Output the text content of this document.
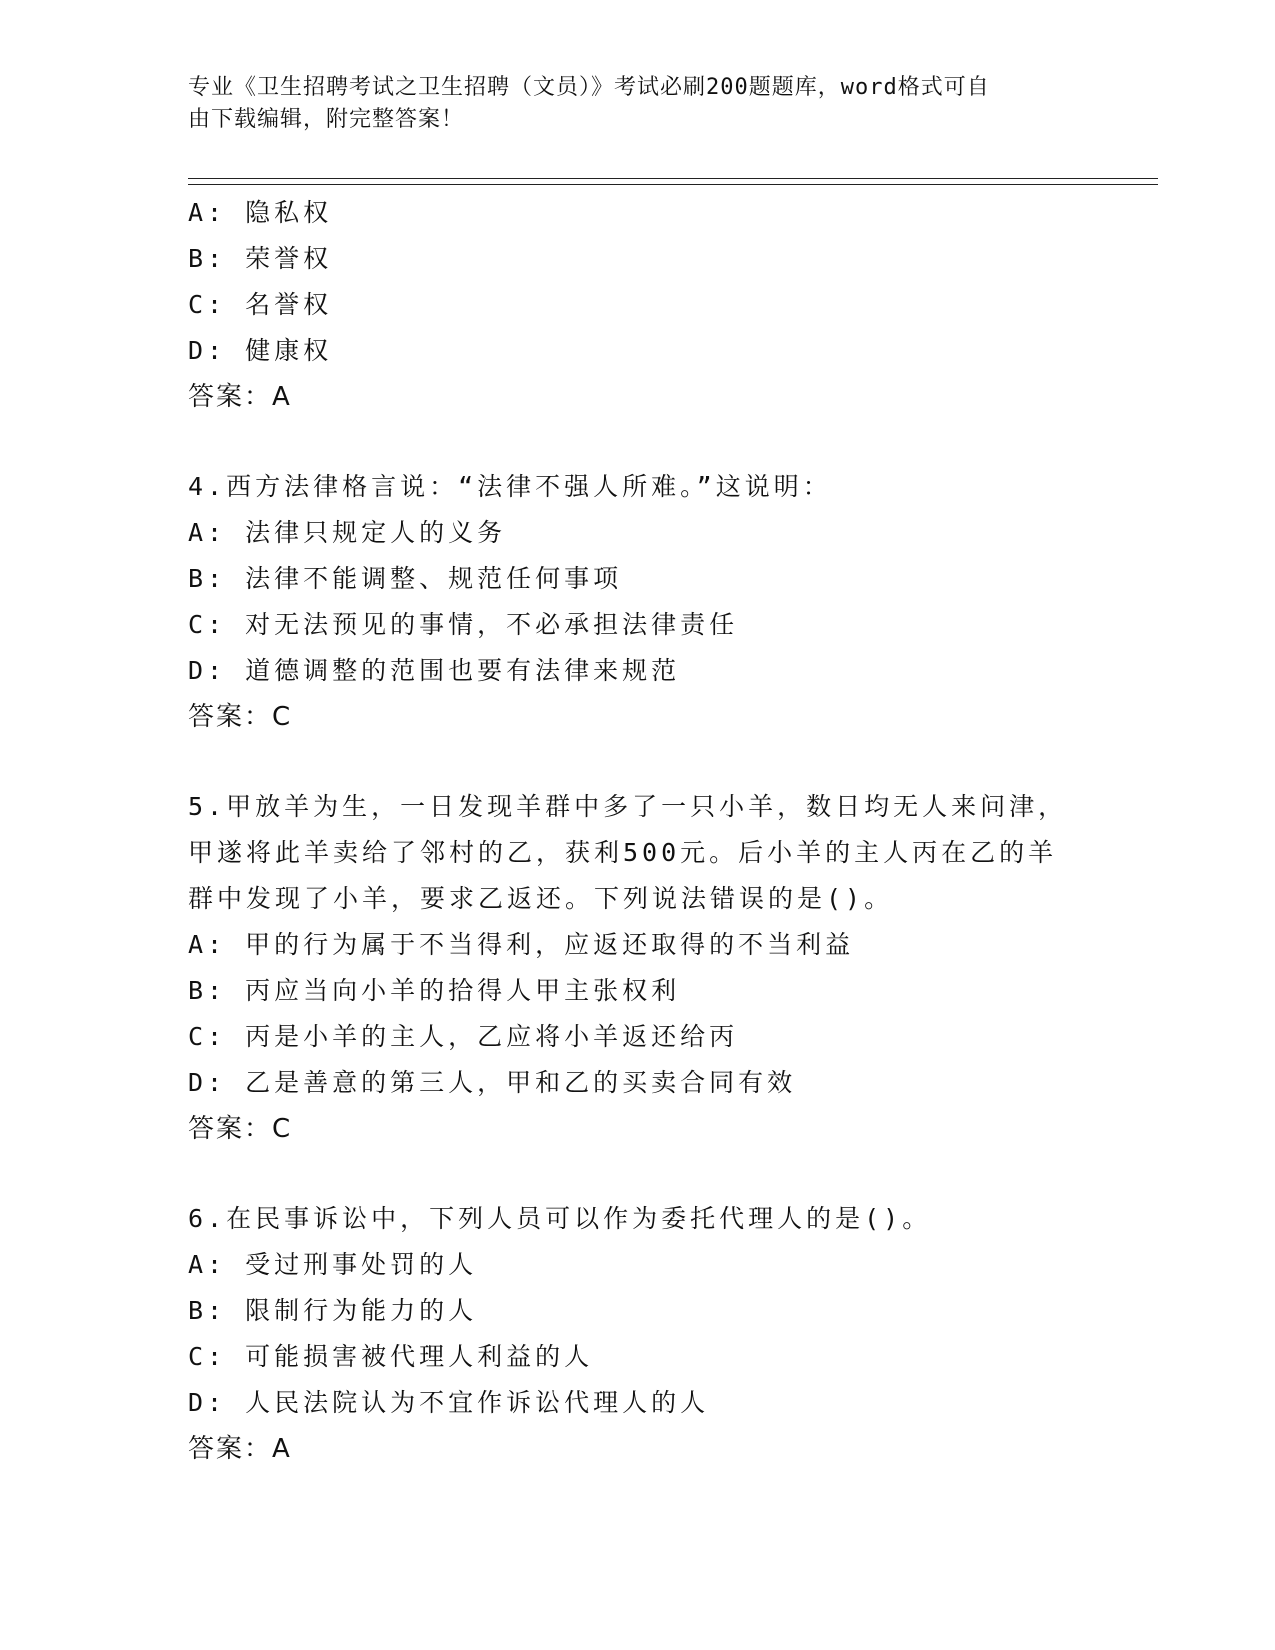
专业《卫生招聘考试之卫生招聘（文员）》考试必刷200题题库，word格式可自
由下载编辑，附完整答案！
A: 隐私权
B: 荣誉权
C: 名誉权
D: 健康权
答案：A
4.西方法律格言说：“法律不强人所难。”这说明：
A: 法律只规定人的义务
B: 法律不能调整、规范任何事项
C: 对无法预见的事情，不必承担法律责任
D: 道德调整的范围也要有法律来规范
答案：C
5.甲放羊为生，一日发现羊群中多了一只小羊，数日均无人来问津，
甲遂将此羊卖给了邻村的乙，获利500元。后小羊的主人丙在乙的羊
群中发现了小羊，要求乙返还。下列说法错误的是()。
A: 甲的行为属于不当得利，应返还取得的不当利益
B: 丙应当向小羊的拾得人甲主张权利
C: 丙是小羊的主人，乙应将小羊返还给丙
D: 乙是善意的第三人，甲和乙的买卖合同有效
答案：C
6.在民事诉讼中，下列人员可以作为委托代理人的是()。
A: 受过刑事处罚的人
B: 限制行为能力的人
C: 可能损害被代理人利益的人
D: 人民法院认为不宜作诉讼代理人的人
答案：A
